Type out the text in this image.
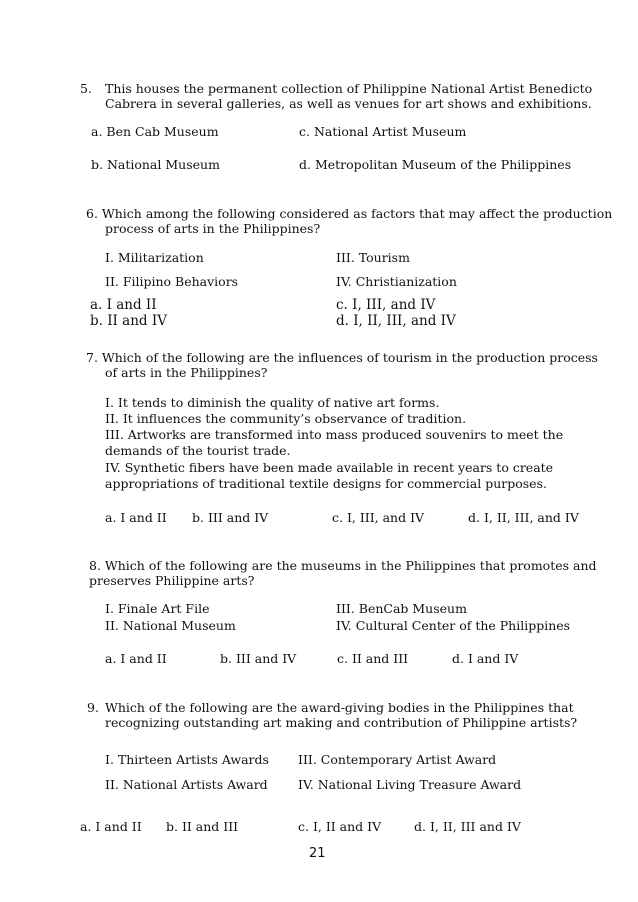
5. This houses the permanent collection of Philippine National Artist Benedicto
Cabrera in several galleries, as well as venues for art shows and exhibitions.
a. Ben Cab Museum	c. National Artist Museum
b. National Museum	d. Metropolitan Museum of the Philippines
6. Which among the following considered as factors that may affect the production
process of arts in the Philippines?
I. Militarization	III. Tourism
II. Filipino Behaviors	IV. Christianization
a. I and II	c. I, III, and IV
b. II and IV	d. I, II, III, and IV
7. Which of the following are the influences of tourism in the production process
of arts in the Philippines?
I. It tends to diminish the quality of native art forms.
II. It influences the community’s observance of tradition.
III. Artworks are transformed into mass produced souvenirs to meet the
demands of the tourist trade.
IV. Synthetic fibers have been made available in recent years to create
appropriations of traditional textile designs for commercial purposes.
a. I and II b. III and IV	c. I, III, and IV	d. I, II, III, and IV
8. Which of the following are the museums in the Philippines that promotes and
preserves Philippine arts?
I. Finale Art File	III. BenCab Museum
II. National Museum	IV. Cultural Center of the Philippines
a. I and II	b. III and IV	c. II and III	d. I and IV
9. Which of the following are the award-giving bodies in the Philippines that
recognizing outstanding art making and contribution of Philippine artists?
I. Thirteen Artists Awards III. Contemporary Artist Award
II. National Artists Award IV. National Living Treasure Award
a. I and II b. II and III	c. I, II and IV	d. I, II, III and IV
21
